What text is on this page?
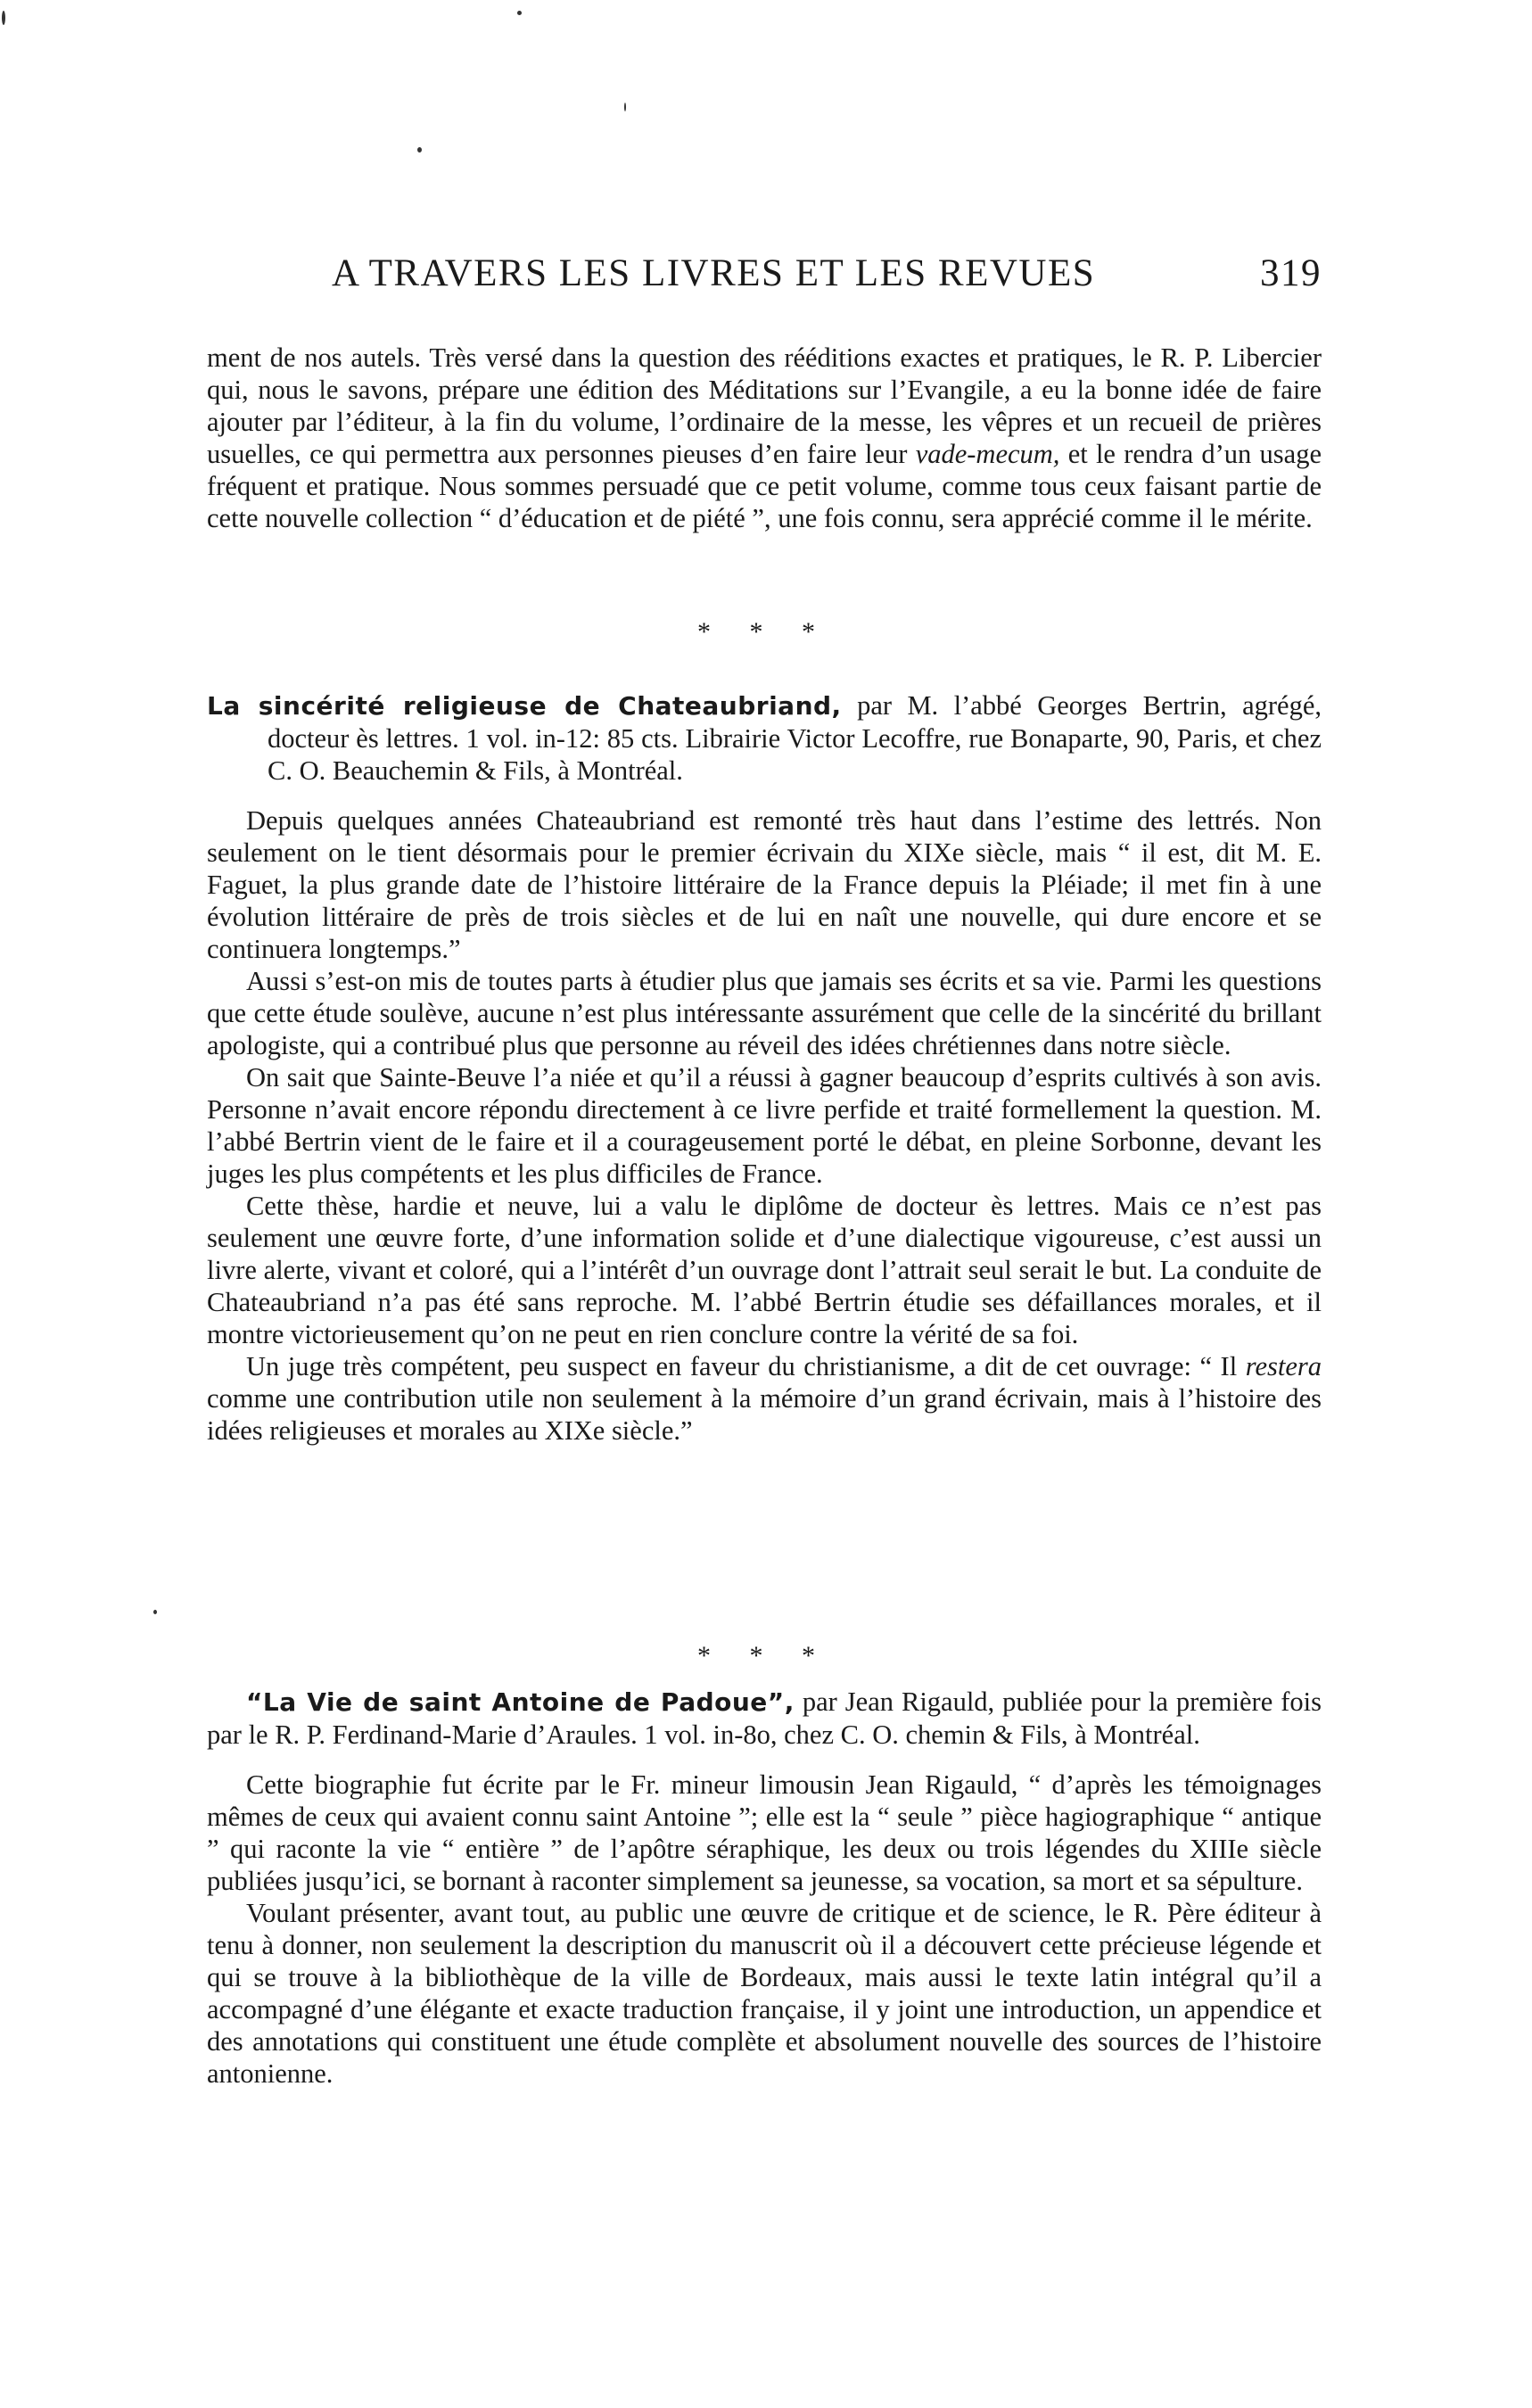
A TRAVERS LES LIVRES ET LES REVUES	319

ment de nos autels. Très versé dans la question des rééditions exactes et pratiques, le R. P. Libercier qui, nous le savons, prépare une édition des Méditations sur l’Evangile, a eu la bonne idée de faire ajouter par l’éditeur, à la fin du volume, l’ordinaire de la messe, les vêpres et un recueil de prières usuelles, ce qui permettra aux personnes pieuses d’en faire leur vade-mecum, et le rendra d’un usage fréquent et pratique. Nous sommes persuadé que ce petit volume, comme tous ceux faisant partie de cette nouvelle collection “ d’éducation et de piété ”, une fois connu, sera apprécié comme il le mérite.

* * *

La sincérité religieuse de Chateaubriand, par M. l’abbé Georges Bertrin, agrégé, docteur ès lettres. 1 vol. in-12: 85 cts. Librairie Victor Lecoffre, rue Bonaparte, 90, Paris, et chez C. O. Beauchemin & Fils, à Montréal.

Depuis quelques années Chateaubriand est remonté très haut dans l’estime des lettrés. Non seulement on le tient désormais pour le premier écrivain du XIXe siècle, mais “ il est, dit M. E. Faguet, la plus grande date de l’histoire littéraire de la France depuis la Pléiade; il met fin à une évolution littéraire de près de trois siècles et de lui en naît une nouvelle, qui dure encore et se continuera longtemps.”

Aussi s’est-on mis de toutes parts à étudier plus que jamais ses écrits et sa vie. Parmi les questions que cette étude soulève, aucune n’est plus intéressante assurément que celle de la sincérité du brillant apologiste, qui a contribué plus que personne au réveil des idées chrétiennes dans notre siècle.

On sait que Sainte-Beuve l’a niée et qu’il a réussi à gagner beaucoup d’esprits cultivés à son avis. Personne n’avait encore répondu directement à ce livre perfide et traité formellement la question. M. l’abbé Bertrin vient de le faire et il a courageusement porté le débat, en pleine Sorbonne, devant les juges les plus compétents et les plus difficiles de France.

Cette thèse, hardie et neuve, lui a valu le diplôme de docteur ès lettres. Mais ce n’est pas seulement une œuvre forte, d’une information solide et d’une dialectique vigoureuse, c’est aussi un livre alerte, vivant et coloré, qui a l’intérêt d’un ouvrage dont l’attrait seul serait le but. La conduite de Chateaubriand n’a pas été sans reproche. M. l’abbé Bertrin étudie ses défaillances morales, et il montre victorieusement qu’on ne peut en rien conclure contre la vérité de sa foi.

Un juge très compétent, peu suspect en faveur du christianisme, a dit de cet ouvrage: “ Il restera comme une contribution utile non seulement à la mémoire d’un grand écrivain, mais à l’histoire des idées religieuses et morales au XIXe siècle.”

* * *

“La Vie de saint Antoine de Padoue”, par Jean Rigauld, publiée pour la première fois par le R. P. Ferdinand-Marie d’Araules. 1 vol. in-8o, chez C. O. chemin & Fils, à Montréal.

Cette biographie fut écrite par le Fr. mineur limousin Jean Rigauld, “ d’après les témoignages mêmes de ceux qui avaient connu saint Antoine ”; elle est la “ seule ” pièce hagiographique “ antique ” qui raconte la vie “ entière ” de l’apôtre séraphique, les deux ou trois légendes du XIIIe siècle publiées jusqu’ici, se bornant à raconter simplement sa jeunesse, sa vocation, sa mort et sa sépulture.

Voulant présenter, avant tout, au public une œuvre de critique et de science, le R. Père éditeur à tenu à donner, non seulement la description du manuscrit où il a découvert cette précieuse légende et qui se trouve à la bibliothèque de la ville de Bordeaux, mais aussi le texte latin intégral qu’il a accompagné d’une élégante et exacte traduction française, il y joint une introduction, un appendice et des annotations qui constituent une étude complète et absolument nouvelle des sources de l’histoire antonienne.
